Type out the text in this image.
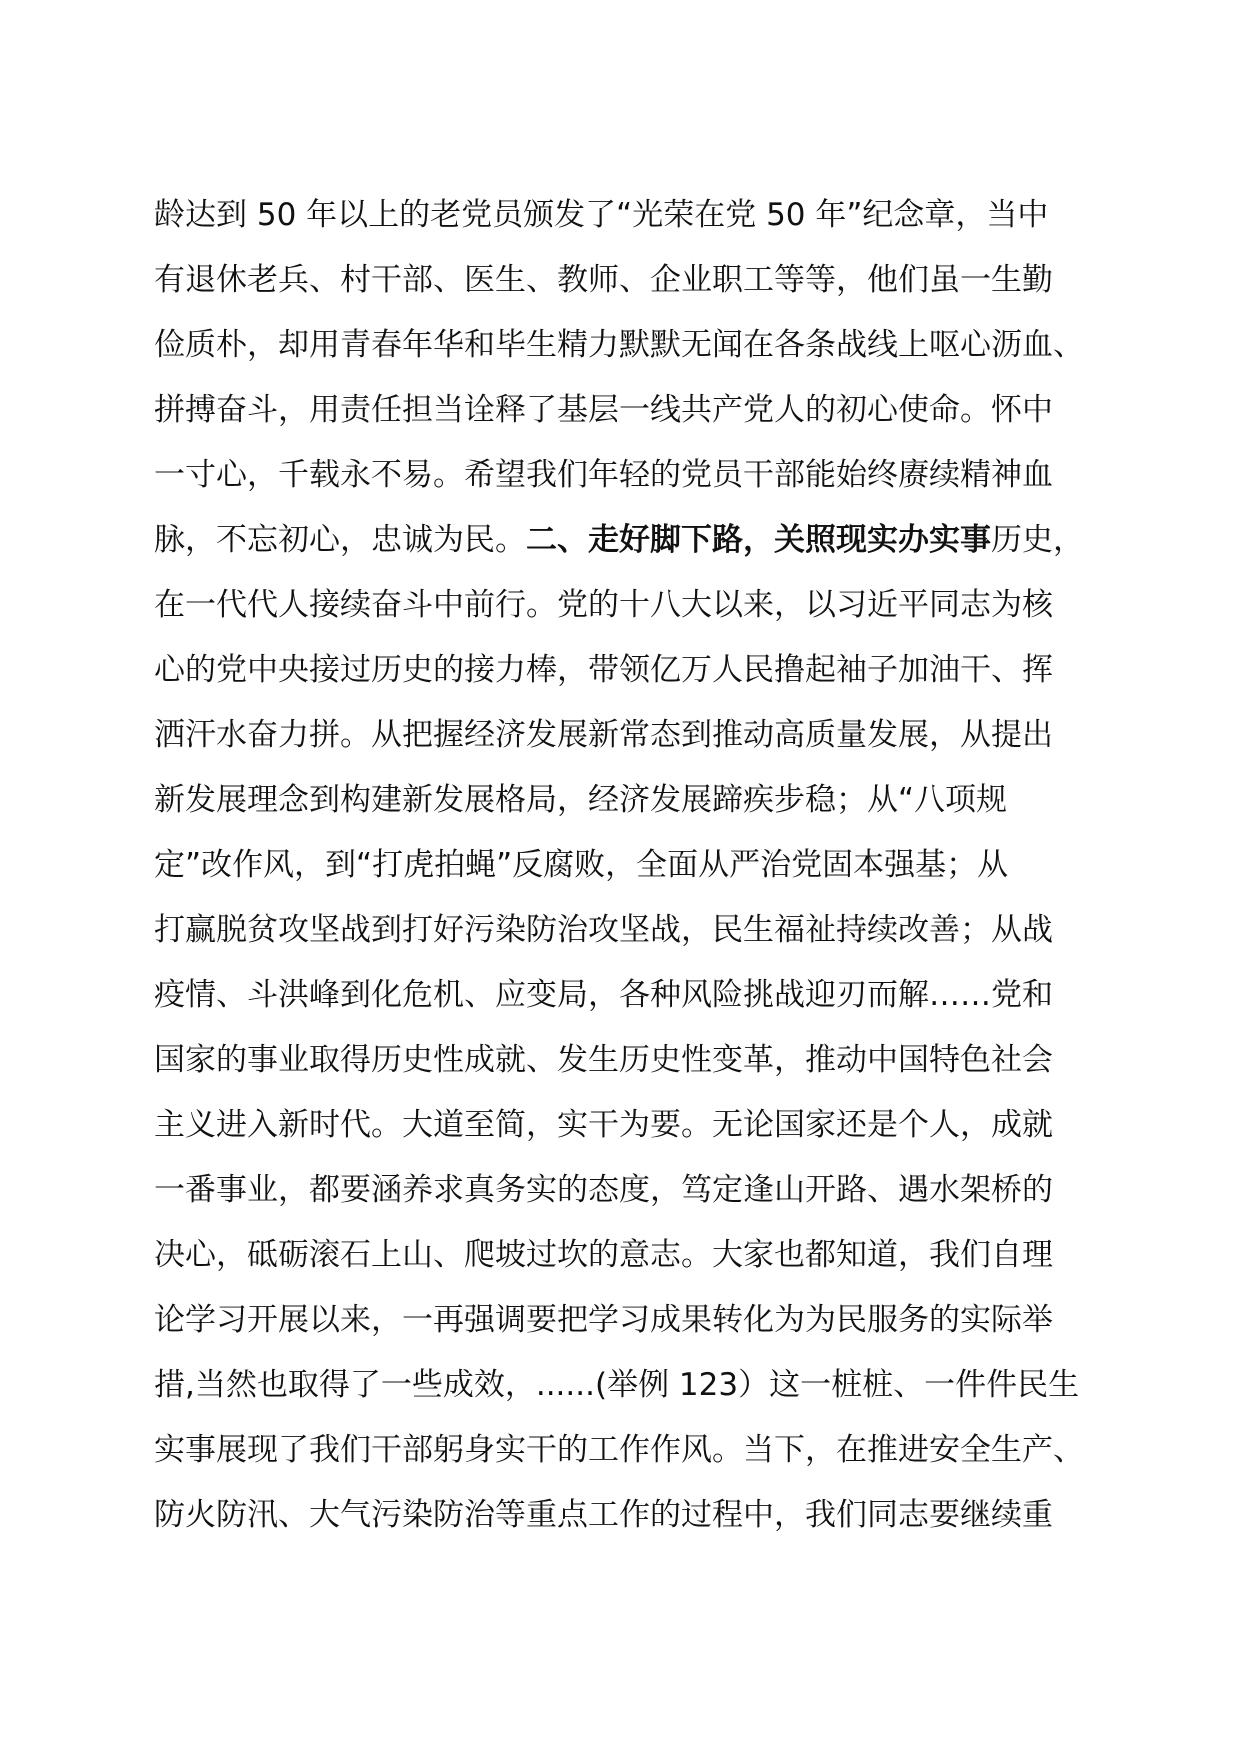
龄达到 50 年以上的老党员颁发了“光荣在党 50 年”纪念章，当中
有退休老兵、村干部、医生、教师、企业职工等等，他们虽一生勤
俭质朴，却用青春年华和毕生精力默默无闻在各条战线上呕心沥血、
拼搏奋斗，用责任担当诠释了基层一线共产党人的初心使命。怀中
一寸心，千载永不易。希望我们年轻的党员干部能始终赓续精神血
脉，不忘初心，忠诚为民。二、走好脚下路，关照现实办实事历史，
在一代代人接续奋斗中前行。党的十八大以来，以习近平同志为核
心的党中央接过历史的接力棒，带领亿万人民撸起袖子加油干、挥
洒汗水奋力拼。从把握经济发展新常态到推动高质量发展，从提出
新发展理念到构建新发展格局，经济发展蹄疾步稳；从“八项规
定”改作风，到“打虎拍蝇”反腐败，全面从严治党固本强基；从
打赢脱贫攻坚战到打好污染防治攻坚战，民生福祉持续改善；从战
疫情、斗洪峰到化危机、应变局，各种风险挑战迎刃而解……党和
国家的事业取得历史性成就、发生历史性变革，推动中国特色社会
主义进入新时代。大道至简，实干为要。无论国家还是个人，成就
一番事业，都要涵养求真务实的态度，笃定逢山开路、遇水架桥的
决心，砥砺滚石上山、爬坡过坎的意志。大家也都知道，我们自理
论学习开展以来，一再强调要把学习成果转化为为民服务的实际举
措,当然也取得了一些成效，......(举例 123）这一桩桩、一件件民生
实事展现了我们干部躬身实干的工作作风。当下，在推进安全生产、
防火防汛、大气污染防治等重点工作的过程中，我们同志要继续重
